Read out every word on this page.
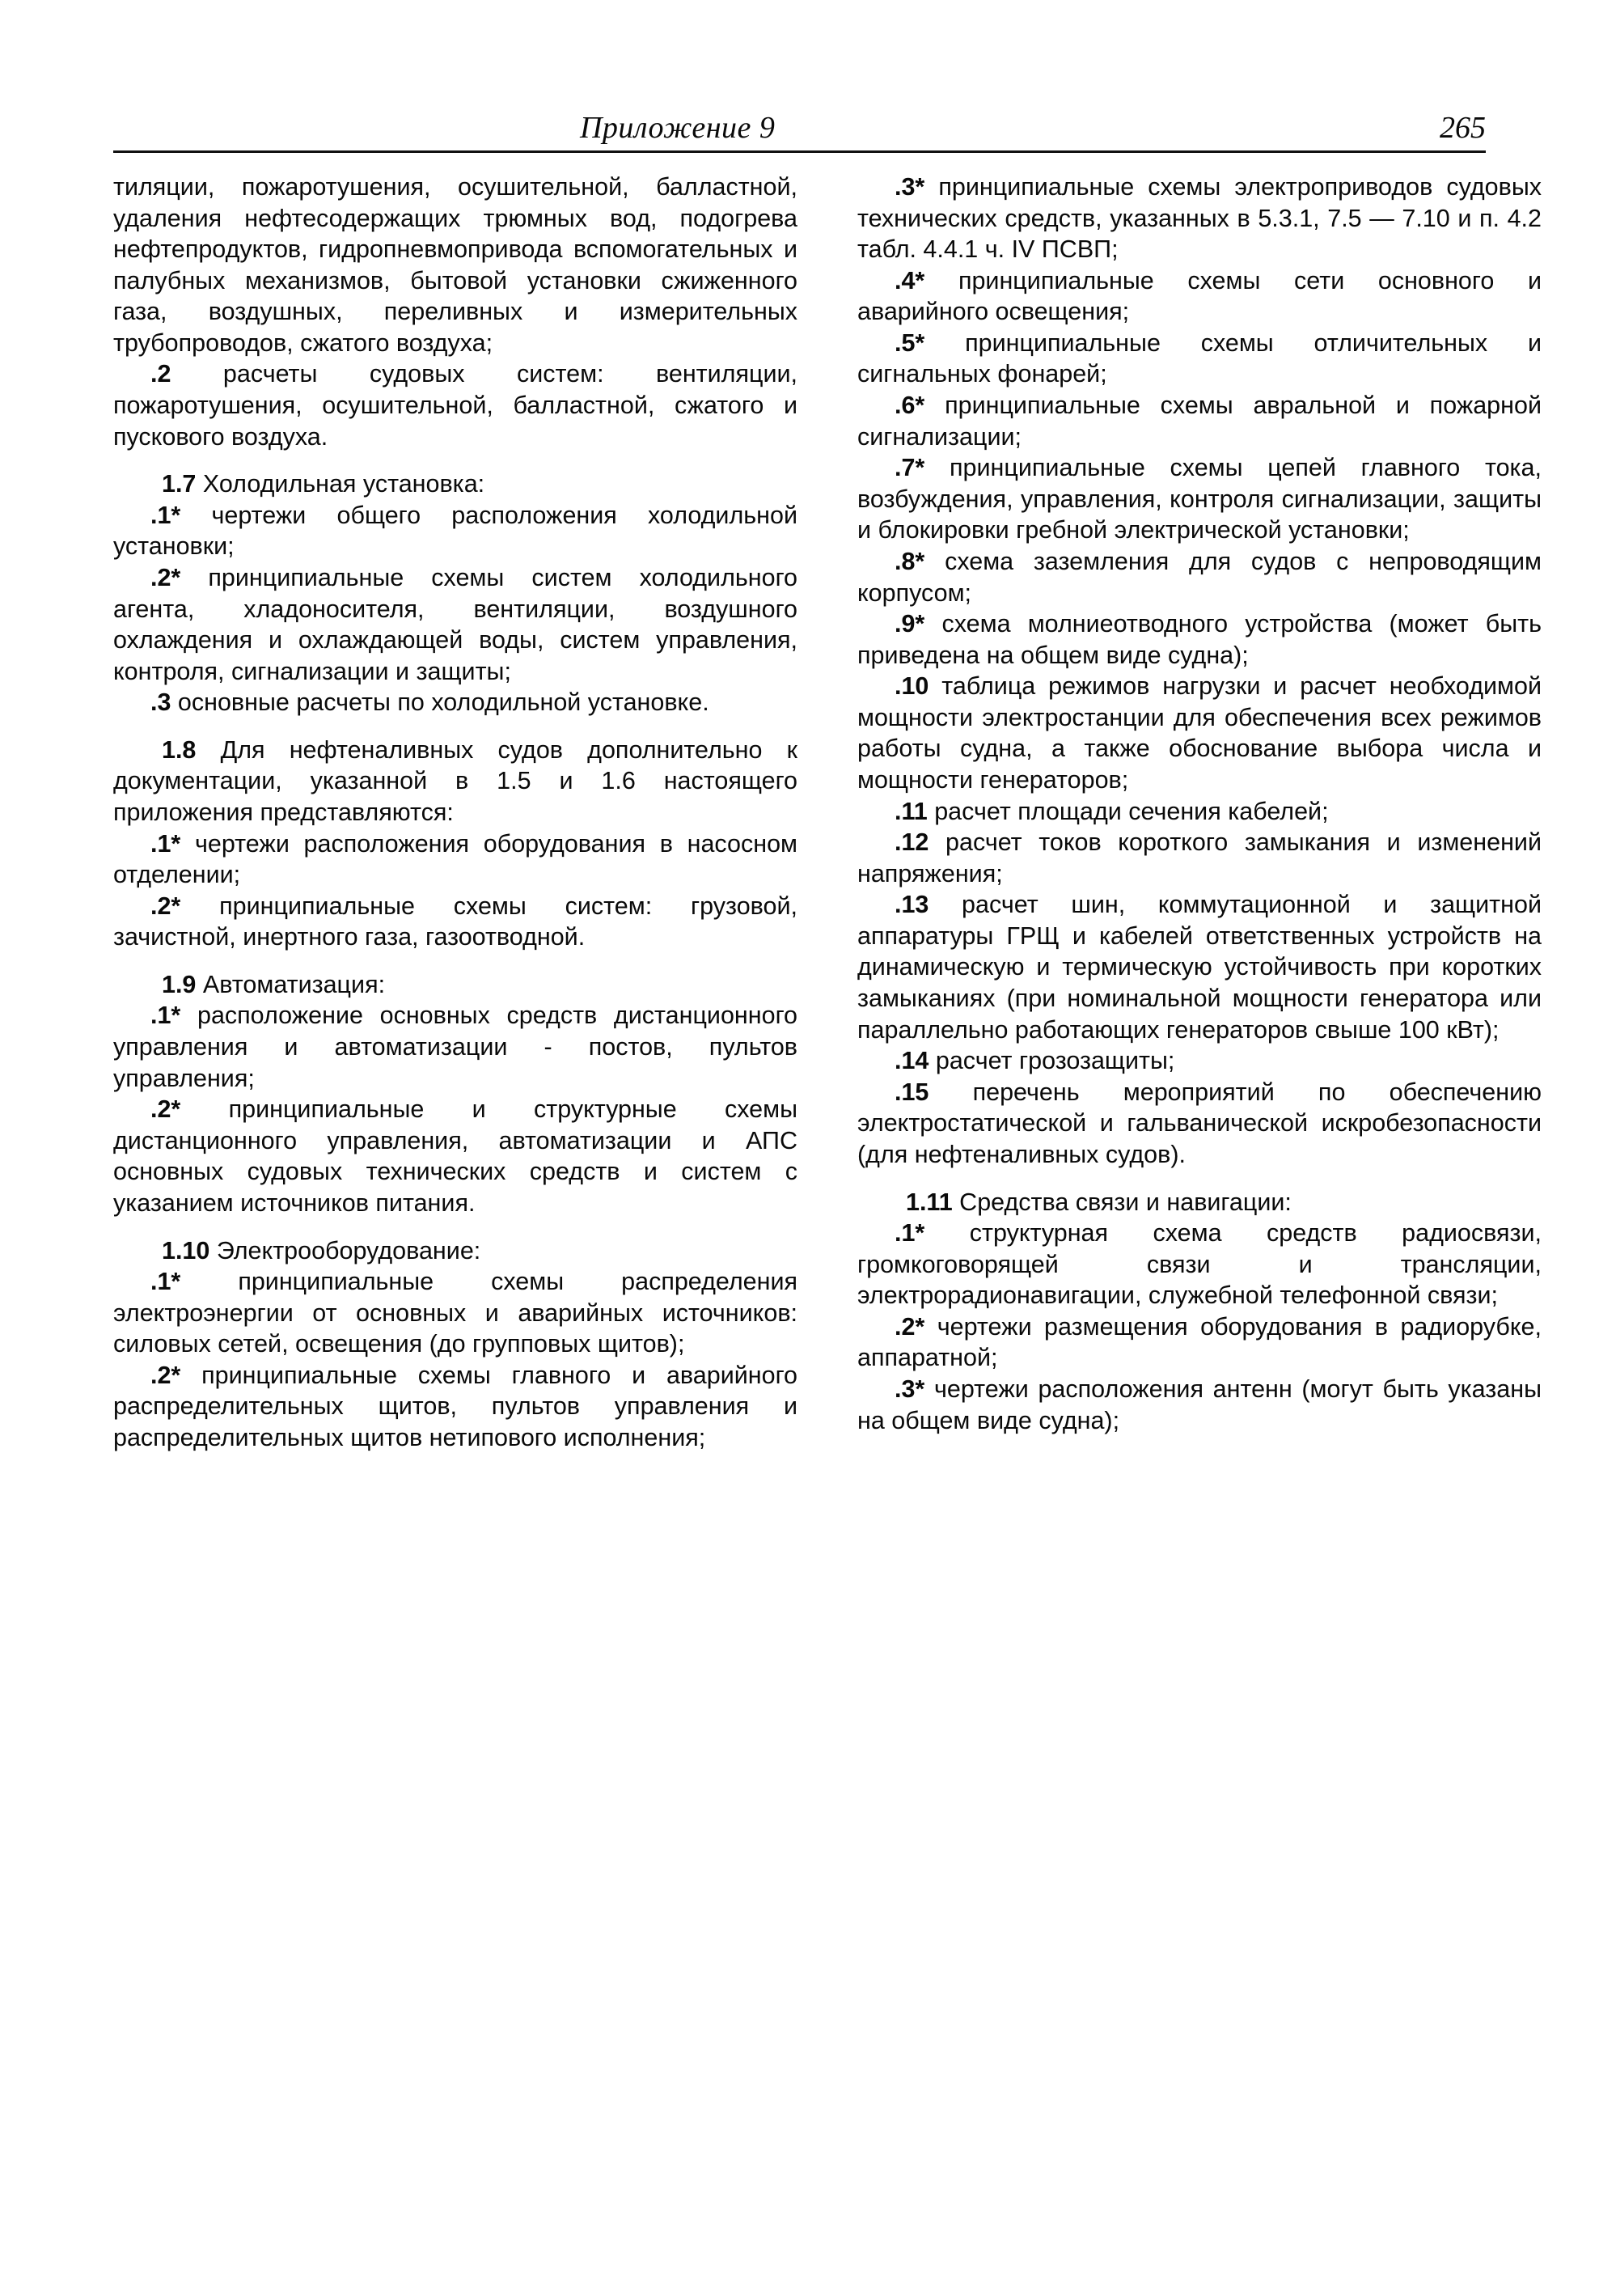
Приложение 9	265

тиляции, пожаротушения, осушительной, балластной, удаления нефтесодержащих трюмных вод, подогрева нефтепродуктов, гидропневмопривода вспомогательных и палубных механизмов, бытовой установки сжиженного газа, воздушных, переливных и измерительных трубопроводов, сжатого воздуха;

.2 расчеты судовых систем: вентиляции, пожаротушения, осушительной, балластной, сжатого и пускового воздуха.

1.7 Холодильная установка:

.1* чертежи общего расположения холодильной установки;

.2* принципиальные схемы систем холодильного агента, хладоносителя, вентиляции, воздушного охлаждения и охлаждающей воды, систем управления, контроля, сигнализации и защиты;

.3 основные расчеты по холодильной установке.

1.8 Для нефтеналивных судов дополнительно к документации, указанной в 1.5 и 1.6 настоящего приложения представляются:

.1* чертежи расположения оборудования в насосном отделении;

.2* принципиальные схемы систем: грузовой, зачистной, инертного газа, газоотводной.

1.9 Автоматизация:

.1* расположение основных средств дистанционного управления и автоматизации - постов, пультов управления;

.2* принципиальные и структурные схемы дистанционного управления, автоматизации и АПС основных судовых технических средств и систем с указанием источников питания.

1.10 Электрооборудование:

.1* принципиальные схемы распределения электроэнергии от основных и аварийных источников: силовых сетей, освещения (до групповых щитов);

.2* принципиальные схемы главного и аварийного распределительных щитов, пультов управления и распределительных щитов нетипового исполнения;

.3* принципиальные схемы электроприводов судовых технических средств, указанных в 5.3.1, 7.5 — 7.10 и п. 4.2 табл. 4.4.1 ч. IV ПСВП;

.4* принципиальные схемы сети основного и аварийного освещения;

.5* принципиальные схемы отличительных и сигнальных фонарей;

.6* принципиальные схемы авральной и пожарной сигнализации;

.7* принципиальные схемы цепей главного тока, возбуждения, управления, контроля сигнализации, защиты и блокировки гребной электрической установки;

.8* схема заземления для судов с непроводящим корпусом;

.9* схема молниеотводного устройства (может быть приведена на общем виде судна);

.10 таблица режимов нагрузки и расчет необходимой мощности электростанции для обеспечения всех режимов работы судна, а также обоснование выбора числа и мощности генераторов;

.11 расчет площади сечения кабелей;

.12 расчет токов короткого замыкания и изменений напряжения;

.13 расчет шин, коммутационной и защитной аппаратуры ГРЩ и кабелей ответственных устройств на динамическую и термическую устойчивость при коротких замыканиях (при номинальной мощности генератора или параллельно работающих генераторов свыше 100 кВт);

.14 расчет грозозащиты;

.15 перечень мероприятий по обеспечению электростатической и гальванической искробезопасности (для нефтеналивных судов).

1.11 Средства связи и навигации:

.1* структурная схема средств радиосвязи, громкоговорящей связи и трансляции, электрорадионавигации, служебной телефонной связи;

.2* чертежи размещения оборудования в радиорубке, аппаратной;

.3* чертежи расположения антенн (могут быть указаны на общем виде судна);
